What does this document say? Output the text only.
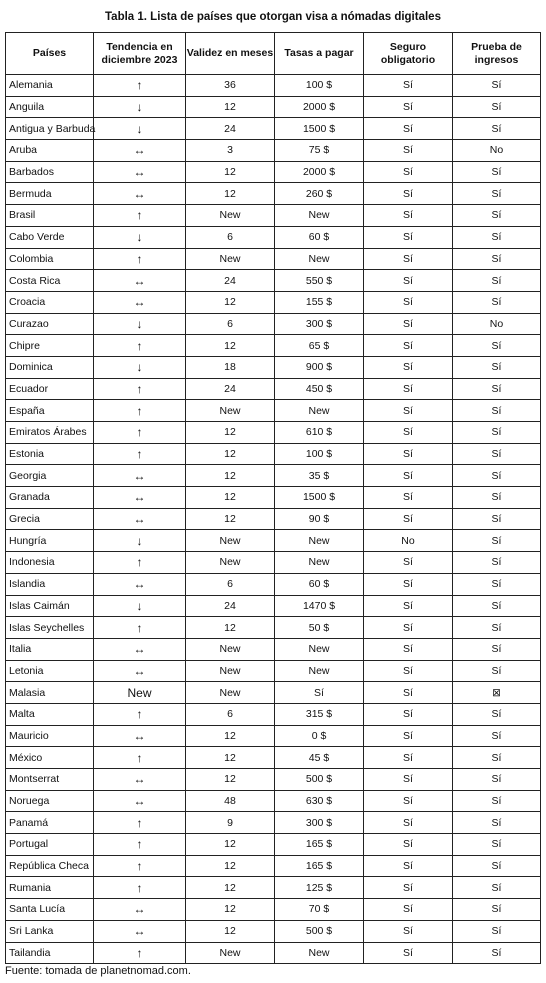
Tabla 1. Lista de países que otorgan visa a nómadas digitales
Países	Tendencia en diciembre 2023	Validez en meses	Tasas a pagar	Seguro obligatorio	Prueba de ingresos
Alemania	↑	36	100 $	Sí	Sí
Anguila	↓	12	2000 $	Sí	Sí
Antigua y Barbuda	↓	24	1500 $	Sí	Sí
Aruba	↔	3	75 $	Sí	No
Barbados	↔	12	2000 $	Sí	Sí
Bermuda	↔	12	260 $	Sí	Sí
Brasil	↑	New	New	Sí	Sí
Cabo Verde	↓	6	60 $	Sí	Sí
Colombia	↑	New	New	Sí	Sí
Costa Rica	↔	24	550 $	Sí	Sí
Croacia	↔	12	155 $	Sí	Sí
Curazao	↓	6	300 $	Sí	No
Chipre	↑	12	65 $	Sí	Sí
Dominica	↓	18	900 $	Sí	Sí
Ecuador	↑	24	450 $	Sí	Sí
España	↑	New	New	Sí	Sí
Emiratos Árabes	↑	12	610 $	Sí	Sí
Estonia	↑	12	100 $	Sí	Sí
Georgia	↔	12	35 $	Sí	Sí
Granada	↔	12	1500 $	Sí	Sí
Grecia	↔	12	90 $	Sí	Sí
Hungría	↓	New	New	No	Sí
Indonesia	↑	New	New	Sí	Sí
Islandia	↔	6	60 $	Sí	Sí
Islas Caimán	↓	24	1470 $	Sí	Sí
Islas Seychelles	↑	12	50 $	Sí	Sí
Italia	↔	New	New	Sí	Sí
Letonia	↔	New	New	Sí	Sí
Malasia	New	New	Sí	Sí	⊠
Malta	↑	6	315 $	Sí	Sí
Mauricio	↔	12	0 $	Sí	Sí
México	↑	12	45 $	Sí	Sí
Montserrat	↔	12	500 $	Sí	Sí
Noruega	↔	48	630 $	Sí	Sí
Panamá	↑	9	300 $	Sí	Sí
Portugal	↑	12	165 $	Sí	Sí
República Checa	↑	12	165 $	Sí	Sí
Rumania	↑	12	125 $	Sí	Sí
Santa Lucía	↔	12	70 $	Sí	Sí
Sri Lanka	↔	12	500 $	Sí	Sí
Tailandia	↑	New	New	Sí	Sí
Fuente: tomada de planetnomad.com.
